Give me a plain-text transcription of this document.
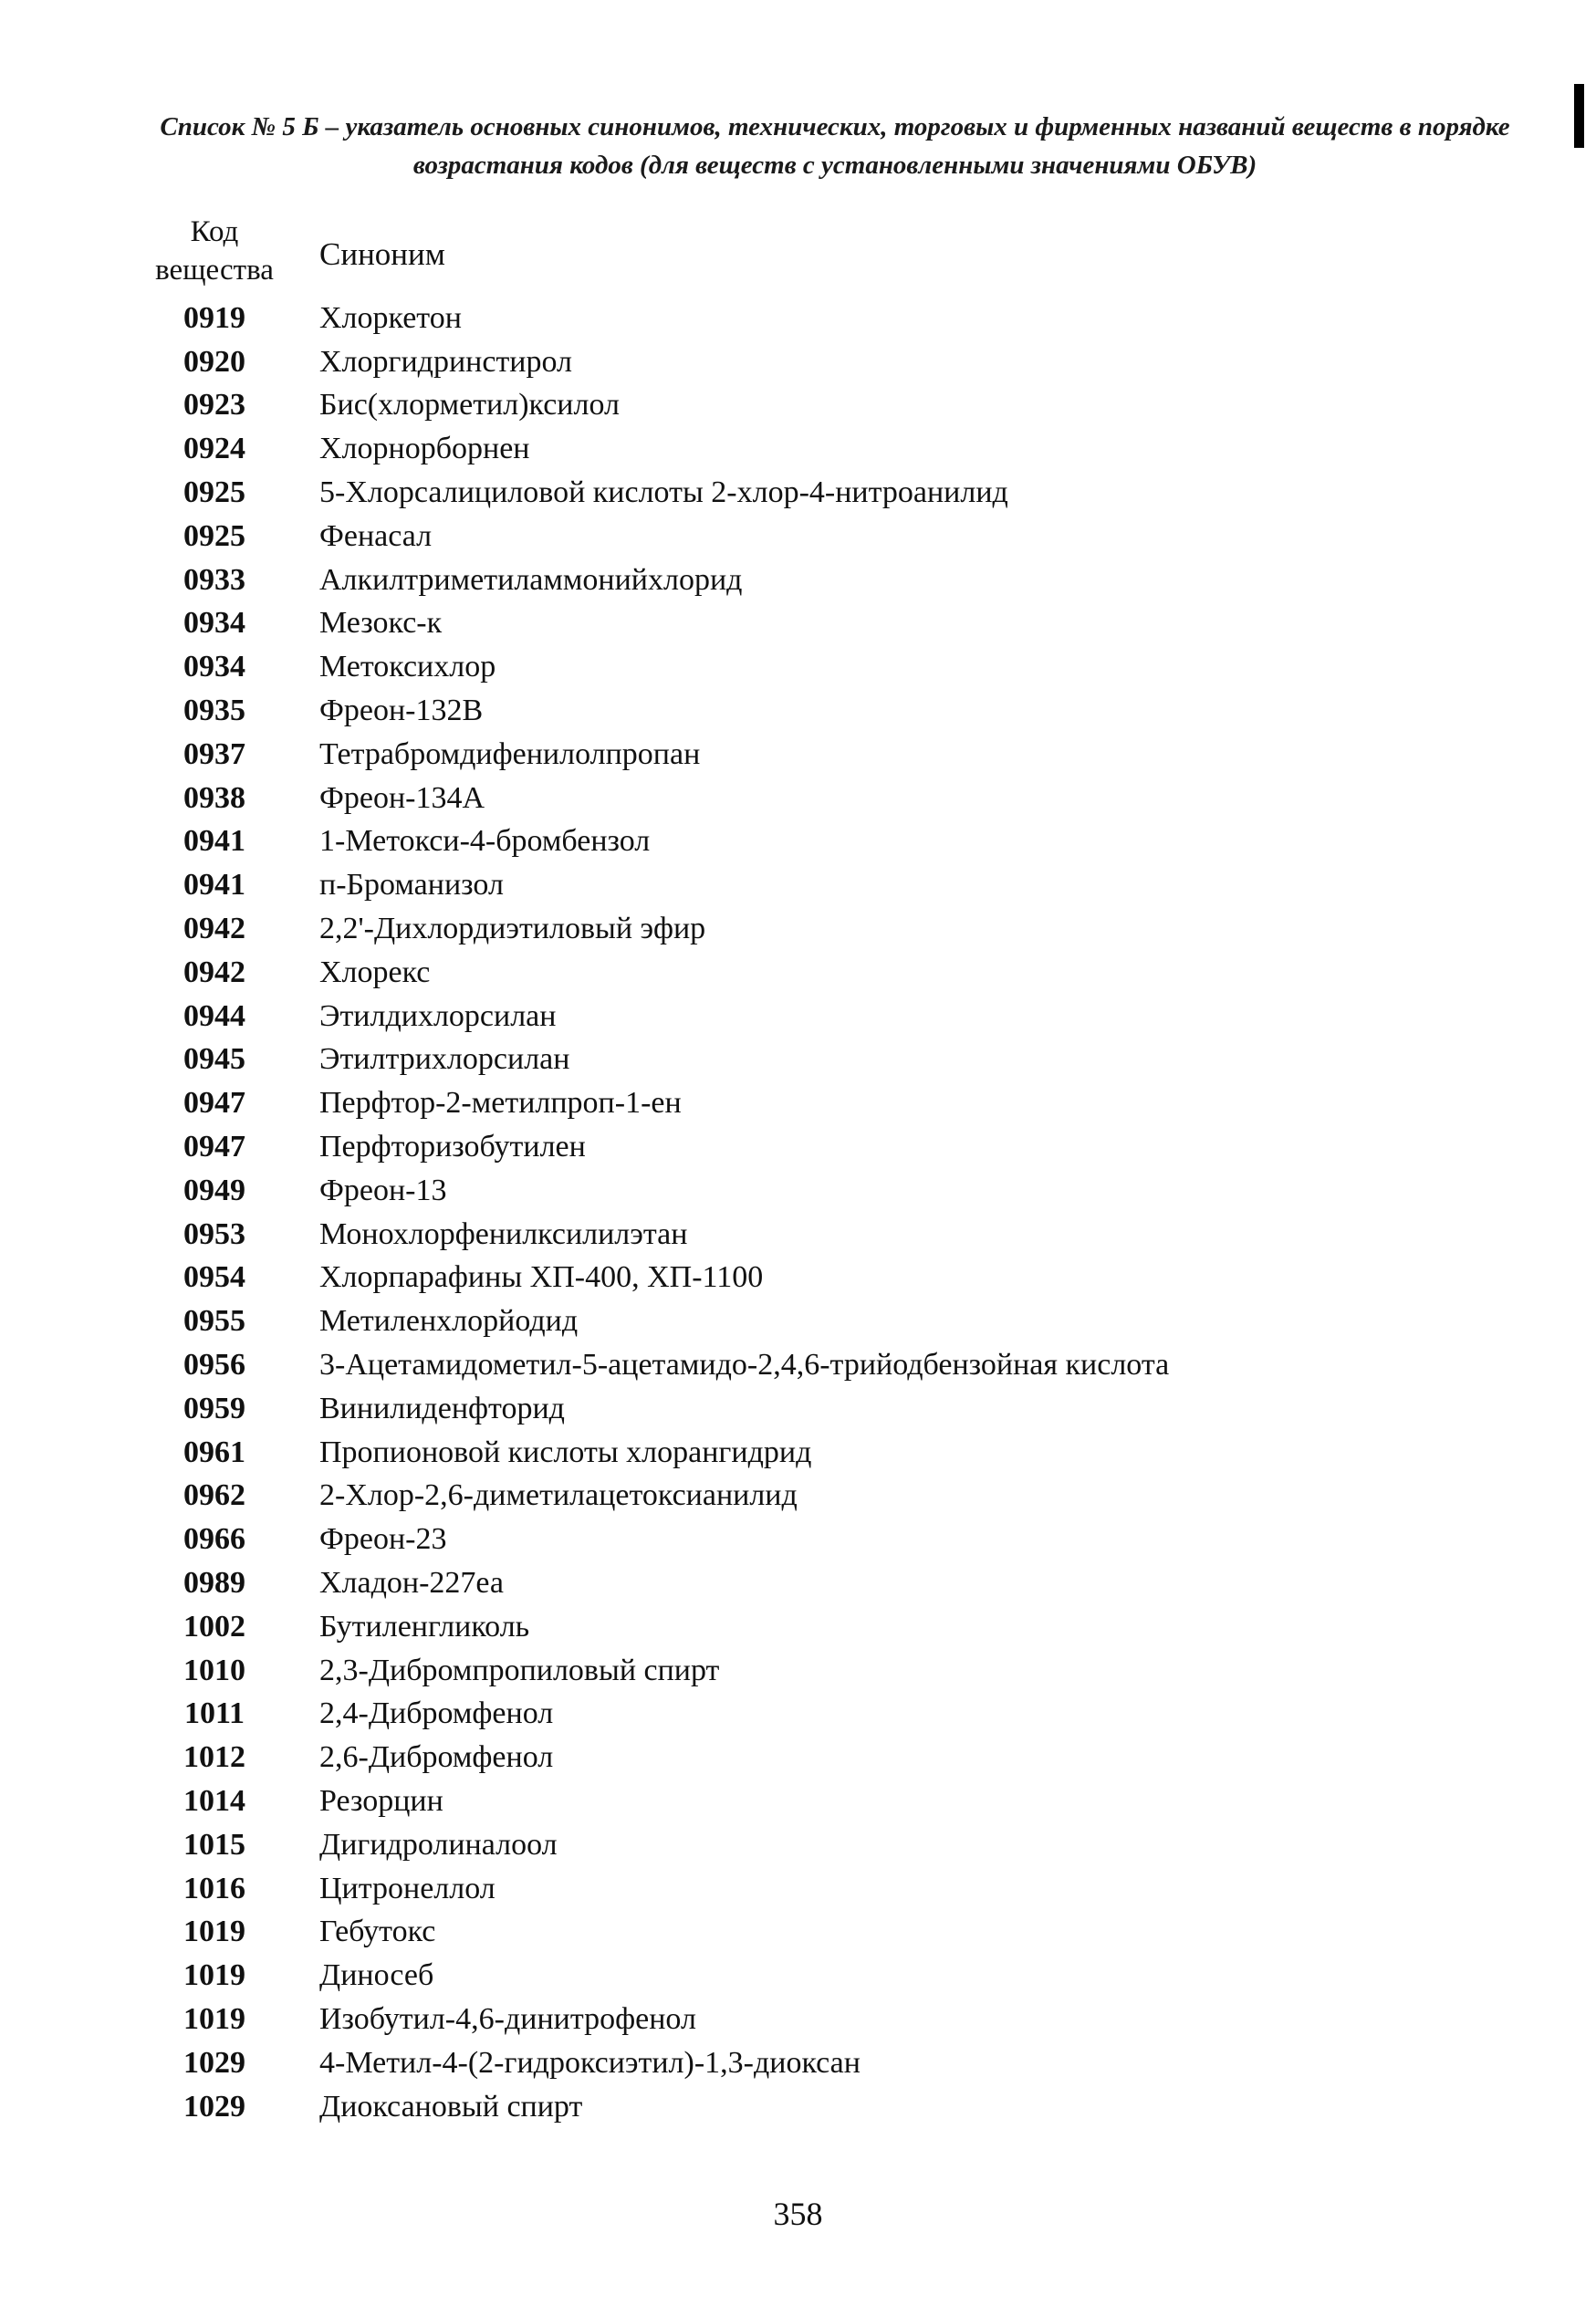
Список № 5 Б – указатель основных синонимов, технических, торговых и фирменных названий веществ в порядке возрастания кодов (для веществ с установленными значениями ОБУВ)
Код вещества	Синоним
0919	Хлоркетон
0920	Хлоргидринстирол
0923	Бис(хлорметил)ксилол
0924	Хлорнорборнен
0925	5-Хлорсалициловой кислоты 2-хлор-4-нитроанилид
0925	Фенасал
0933	Алкилтриметиламмонийхлорид
0934	Мезокс-к
0934	Метоксихлор
0935	Фреон-132В
0937	Тетрабромдифенилолпропан
0938	Фреон-134А
0941	1-Метокси-4-бромбензол
0941	п-Броманизол
0942	2,2'-Дихлордиэтиловый эфир
0942	Хлорекс
0944	Этилдихлорсилан
0945	Этилтрихлорсилан
0947	Перфтор-2-метилпроп-1-ен
0947	Перфторизобутилен
0949	Фреон-13
0953	Монохлорфенилксилилэтан
0954	Хлорпарафины ХП-400, ХП-1100
0955	Метиленхлорйодид
0956	3-Ацетамидометил-5-ацетамидо-2,4,6-трийодбензойная кислота
0959	Винилиденфторид
0961	Пропионовой кислоты хлорангидрид
0962	2-Хлор-2,6-диметилацетоксианилид
0966	Фреон-23
0989	Хладон-227еа
1002	Бутиленгликоль
1010	2,3-Дибромпропиловый спирт
1011	2,4-Дибромфенол
1012	2,6-Дибромфенол
1014	Резорцин
1015	Дигидролиналоол
1016	Цитронеллол
1019	Гебутокс
1019	Диносеб
1019	Изобутил-4,6-динитрофенол
1029	4-Метил-4-(2-гидроксиэтил)-1,3-диоксан
1029	Диоксановый спирт
358
